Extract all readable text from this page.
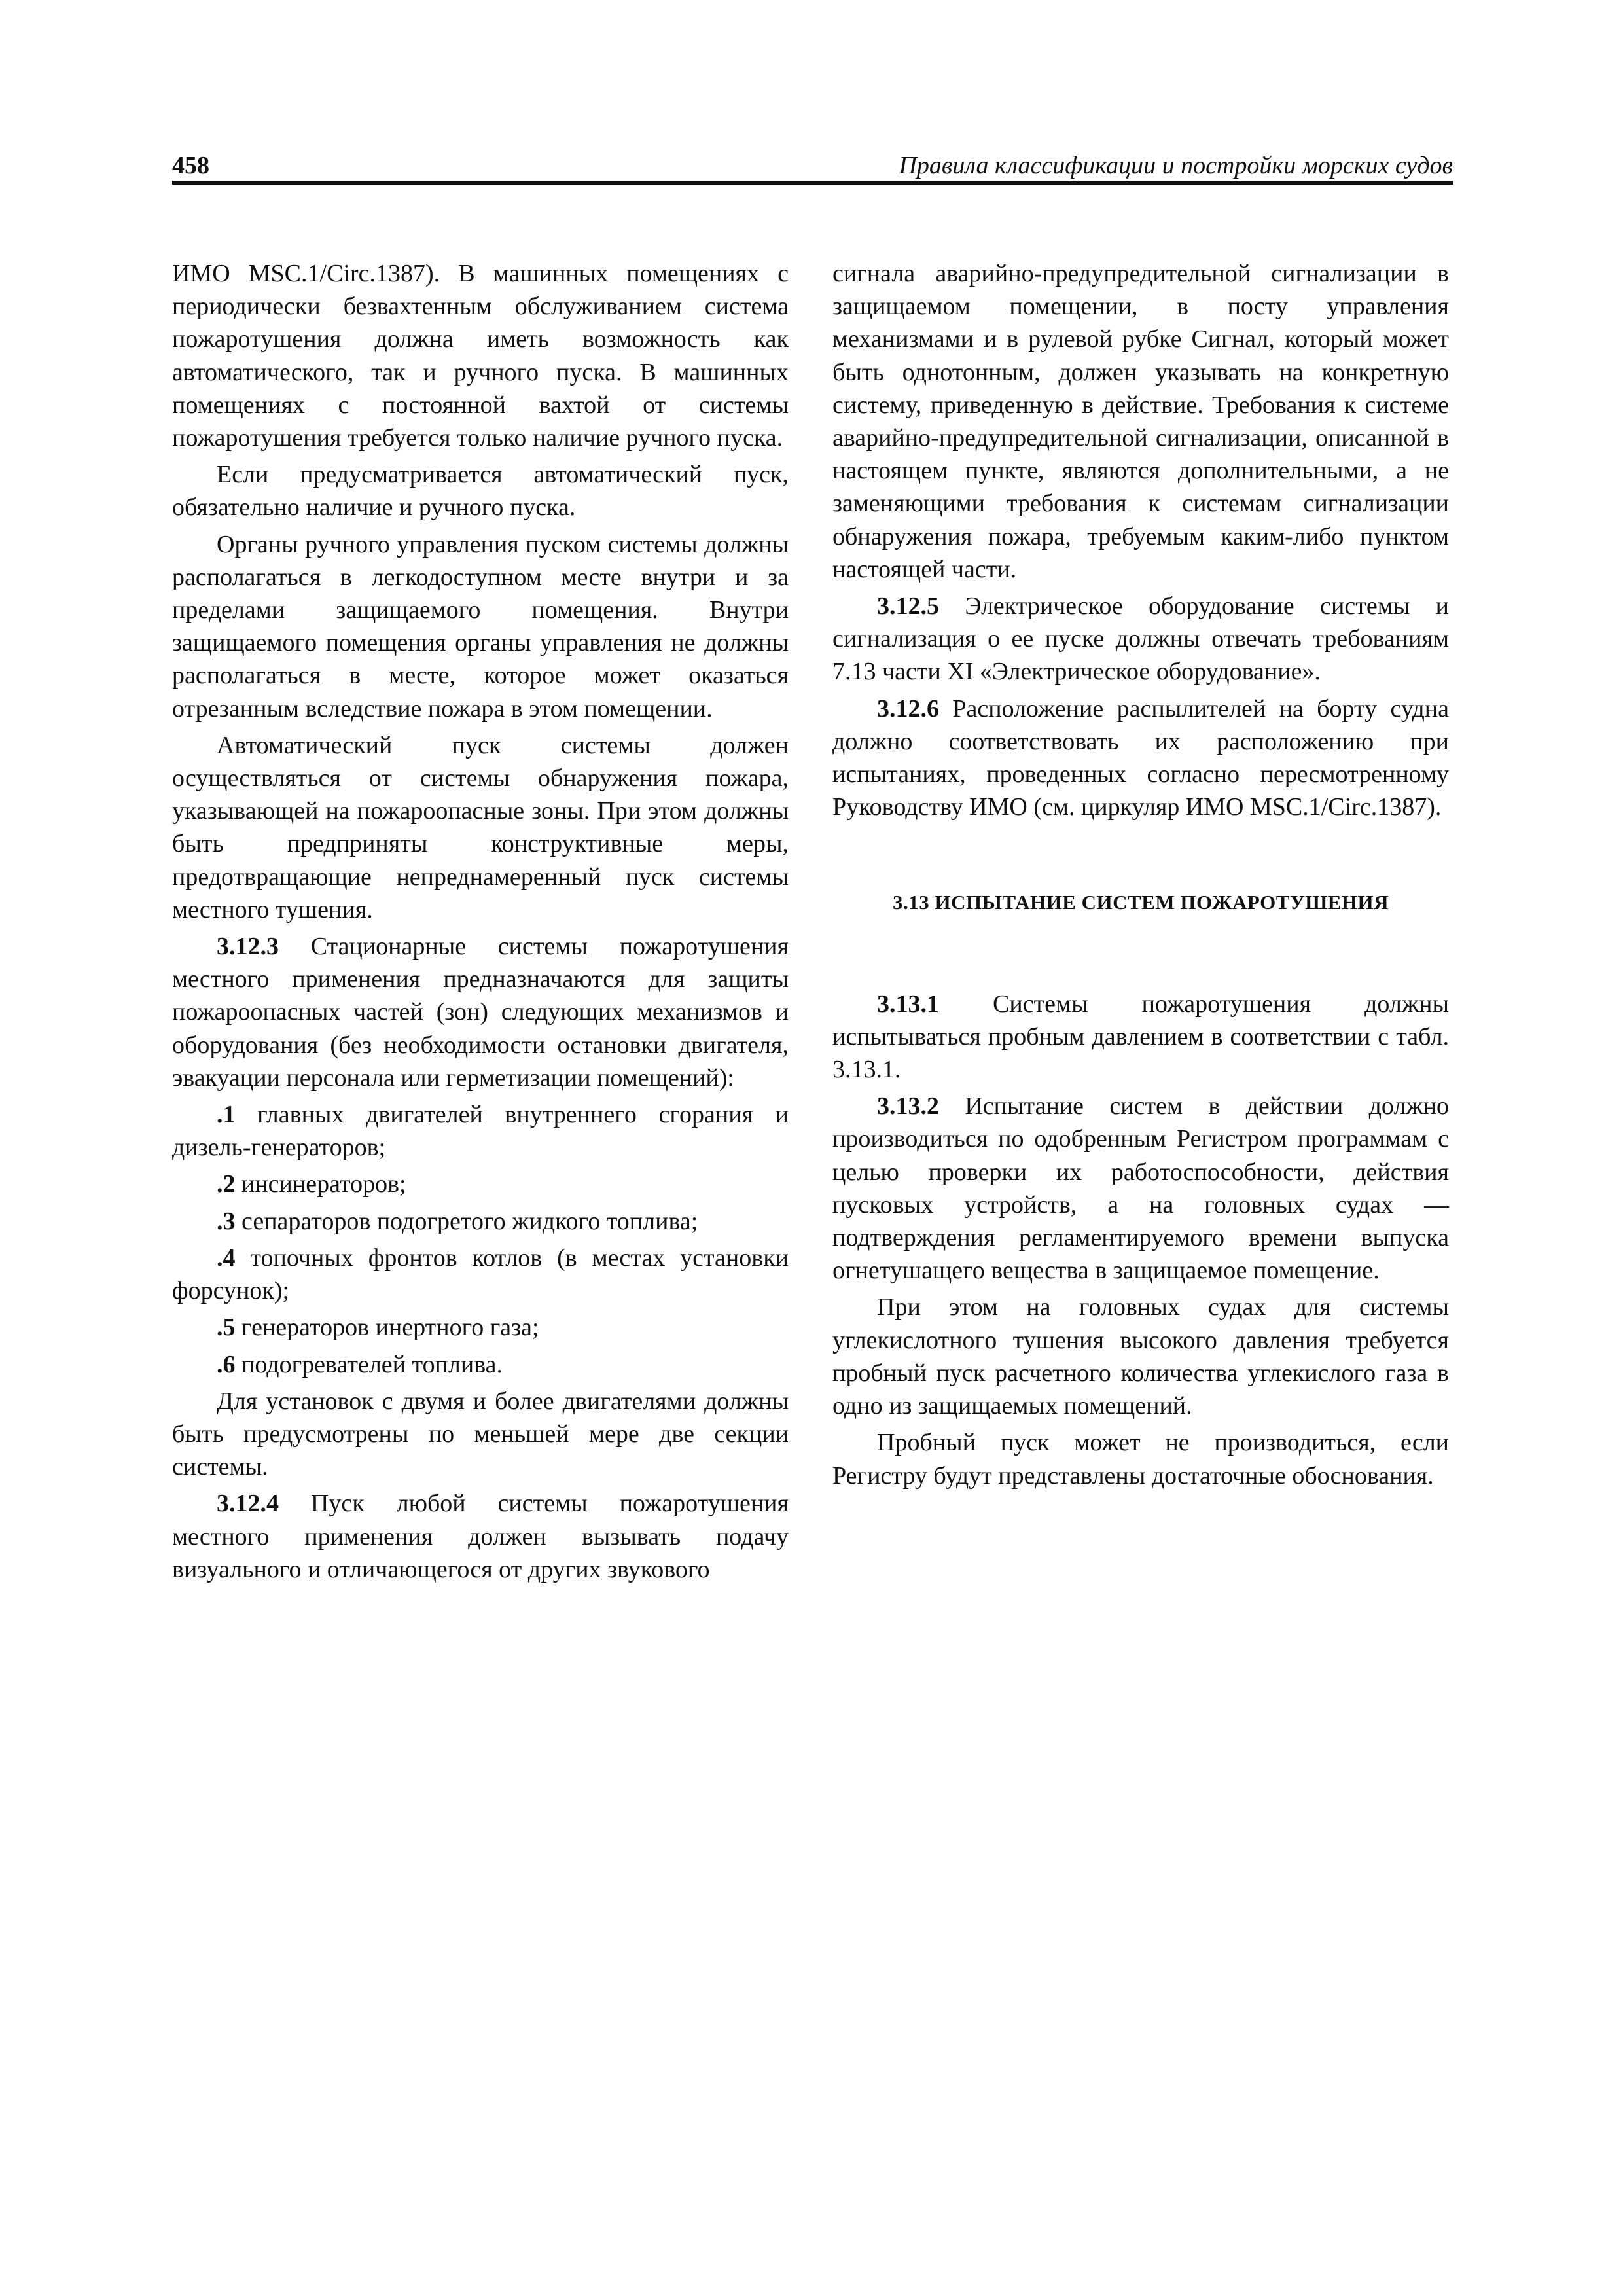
458	Правила классификации и постройки морских судов

ИМО MSC.1/Circ.1387). В машинных помещениях с периодически безвахтенным обслуживанием система пожаротушения должна иметь возможность как автоматического, так и ручного пуска. В машинных помещениях с постоянной вахтой от системы пожаротушения требуется только наличие ручного пуска.

Если предусматривается автоматический пуск, обязательно наличие и ручного пуска.

Органы ручного управления пуском системы должны располагаться в легкодоступном месте внутри и за пределами защищаемого помещения. Внутри защищаемого помещения органы управления не должны располагаться в месте, которое может оказаться отрезанным вследствие пожара в этом помещении.

Автоматический пуск системы должен осуществляться от системы обнаружения пожара, указывающей на пожароопасные зоны. При этом должны быть предприняты конструктивные меры, предотвращающие непреднамеренный пуск системы местного тушения.

3.12.3 Стационарные системы пожаротушения местного применения предназначаются для защиты пожароопасных частей (зон) следующих механизмов и оборудования (без необходимости остановки двигателя, эвакуации персонала или герметизации помещений):

.1 главных двигателей внутреннего сгорания и дизель-генераторов;

.2 инсинераторов;

.3 сепараторов подогретого жидкого топлива;

.4 топочных фронтов котлов (в местах установки форсунок);

.5 генераторов инертного газа;

.6 подогревателей топлива.

Для установок с двумя и более двигателями должны быть предусмотрены по меньшей мере две секции системы.

3.12.4 Пуск любой системы пожаротушения местного применения должен вызывать подачу визуального и отличающегося от других звукового

сигнала аварийно-предупредительной сигнализации в защищаемом помещении, в посту управления механизмами и в рулевой рубке Сигнал, который может быть однотонным, должен указывать на конкретную систему, приведенную в действие. Требования к системе аварийно-предупредительной сигнализации, описанной в настоящем пункте, являются дополнительными, а не заменяющими требования к системам сигнализации обнаружения пожара, требуемым каким-либо пунктом настоящей части.

3.12.5 Электрическое оборудование системы и сигнализация о ее пуске должны отвечать требованиям 7.13 части XI «Электрическое оборудование».

3.12.6 Расположение распылителей на борту судна должно соответствовать их расположению при испытаниях, проведенных согласно пересмотренному Руководству ИМО (см. циркуляр ИМО MSC.1/Circ.1387).

3.13 ИСПЫТАНИЕ СИСТЕМ ПОЖАРОТУШЕНИЯ

3.13.1 Системы пожаротушения должны испытываться пробным давлением в соответствии с табл. 3.13.1.

3.13.2 Испытание систем в действии должно производиться по одобренным Регистром программам с целью проверки их работоспособности, действия пусковых устройств, а на головных судах — подтверждения регламентируемого времени выпуска огнетушащего вещества в защищаемое помещение.

При этом на головных судах для системы углекислотного тушения высокого давления требуется пробный пуск расчетного количества углекислого газа в одно из защищаемых помещений.

Пробный пуск может не производиться, если Регистру будут представлены достаточные обоснования.
